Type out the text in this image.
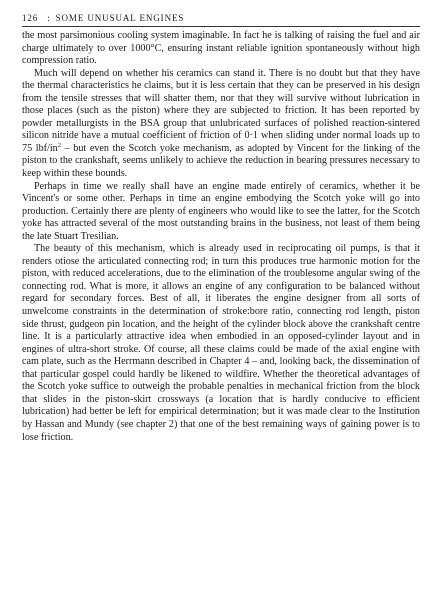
126 : SOME UNUSUAL ENGINES

the most parsimonious cooling system imaginable. In fact he is talking of raising the fuel and air charge ultimately to over 1000°C, ensuring instant reliable ignition spontaneously without high compression ratio.

Much will depend on whether his ceramics can stand it. There is no doubt but that they have the thermal characteristics he claims, but it is less certain that they can be preserved in his design from the tensile stresses that will shatter them, nor that they will survive without lubrication in those places (such as the piston) where they are subjected to friction. It has been reported by powder metallurgists in the BSA group that unlubricated surfaces of polished reaction-sintered silicon nitride have a mutual coefficient of friction of 0·1 when sliding under normal loads up to 75 lbf/$in^2$ – but even the Scotch yoke mechanism, as adopted by Vincent for the linking of the piston to the crankshaft, seems unlikely to achieve the reduction in bearing pressures necessary to keep within these bounds.

Perhaps in time we really shall have an engine made entirely of ceramics, whether it be Vincent's or some other. Perhaps in time an engine embodying the Scotch yoke will go into production. Certainly there are plenty of engineers who would like to see the latter, for the Scotch yoke has attracted several of the most outstanding brains in the business, not least of them being the late Stuart Tresilian.

The beauty of this mechanism, which is already used in reciprocating oil pumps, is that it renders otiose the articulated connecting rod; in turn this produces true harmonic motion for the piston, with reduced accelerations, due to the elimination of the troublesome angular swing of the connecting rod. What is more, it allows an engine of any configuration to be balanced without regard for secondary forces. Best of all, it liberates the engine designer from all sorts of unwelcome constraints in the determination of stroke:bore ratio, connecting rod length, piston side thrust, gudgeon pin location, and the height of the cylinder block above the crankshaft centre line. It is a particularly attractive idea when embodied in an opposed-cylinder layout and in engines of ultra-short stroke. Of course, all these claims could be made of the axial engine with cam plate, such as the Herrmann described in Chapter 4 – and, looking back, the dissemination of that particular gospel could hardly be likened to wildfire. Whether the theoretical advantages of the Scotch yoke suffice to outweigh the probable penalties in mechanical friction from the block that slides in the piston-skirt crossways (a location that is hardly conducive to efficient lubrication) had better be left for empirical determination; but it was made clear to the Institution by Hassan and Mundy (see chapter 2) that one of the best remaining ways of gaining power is to lose friction.
